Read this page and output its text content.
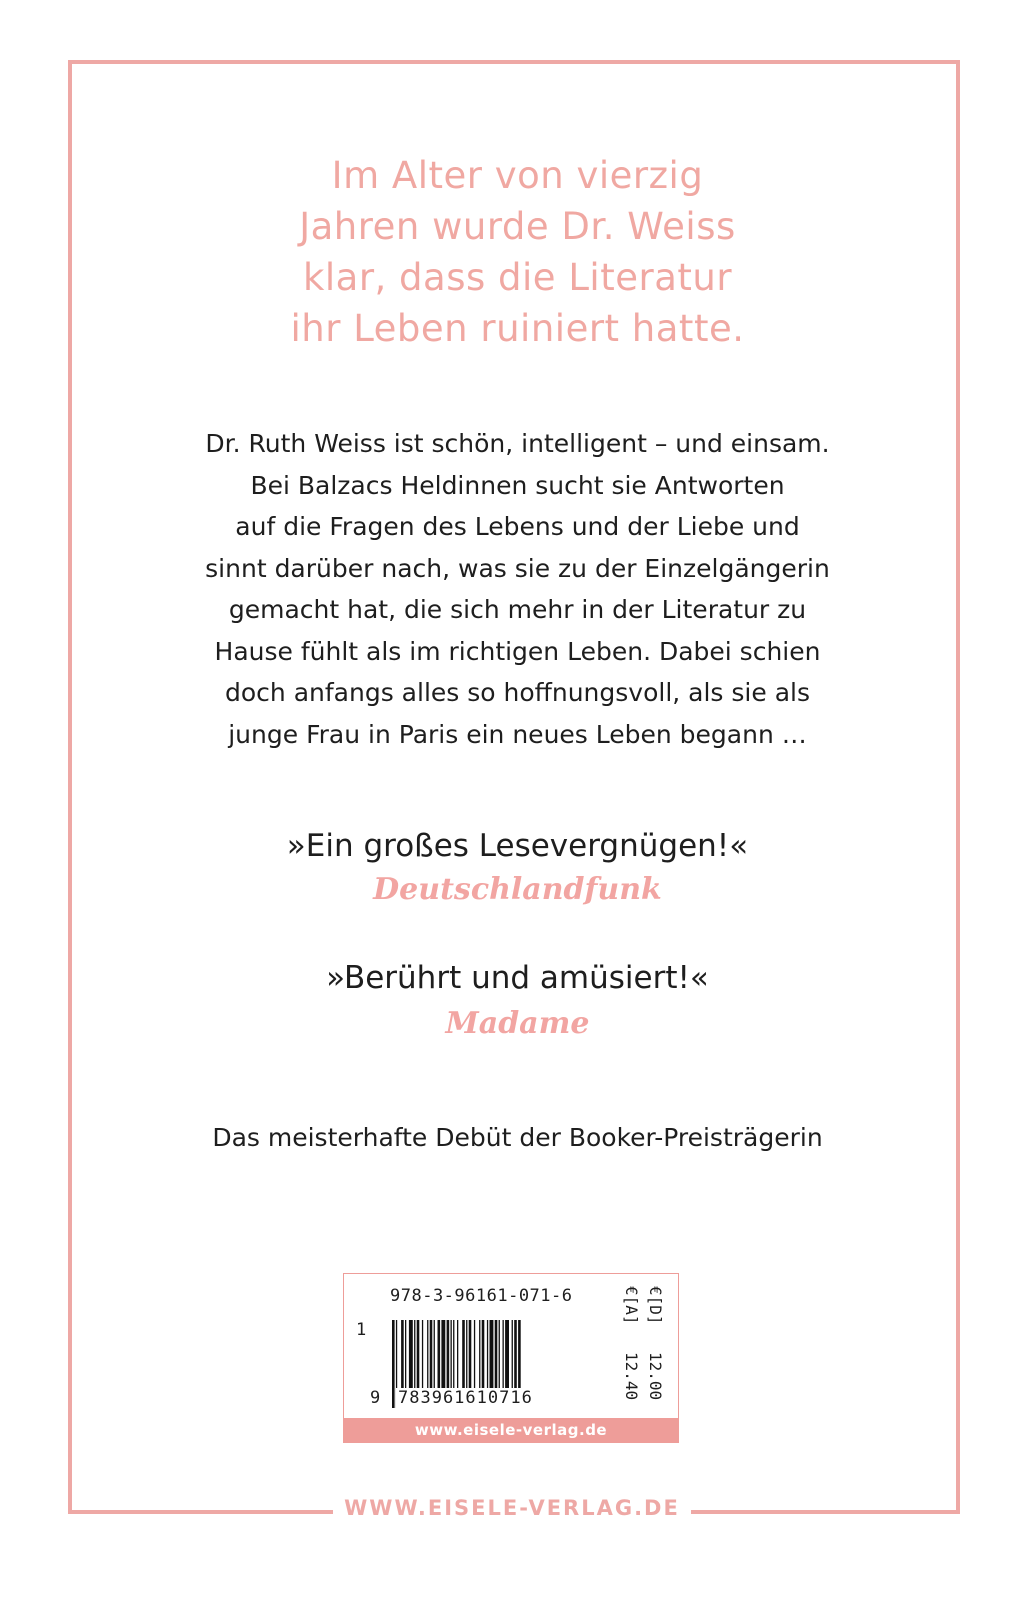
Im Alter von vierzig
Jahren wurde Dr. Weiss
klar, dass die Literatur
ihr Leben ruiniert hatte.
Dr. Ruth Weiss ist schön, intelligent – und einsam.
Bei Balzacs Heldinnen sucht sie Antworten
auf die Fragen des Lebens und der Liebe und
sinnt darüber nach, was sie zu der Einzelgängerin
gemacht hat, die sich mehr in der Literatur zu
Hause fühlt als im richtigen Leben. Dabei schien
doch anfangs alles so hoffnungsvoll, als sie als
junge Frau in Paris ein neues Leben begann …
»Ein großes Lesevergnügen!«
Deutschlandfunk
»Berührt und amüsiert!«
Madame
Das meisterhafte Debüt der Booker-Preisträgerin
978-3-96161-071-6
1
9 783961610716
€[D] 12.00
€[A] 12.40
www.eisele-verlag.de
WWW.EISELE-VERLAG.DE
